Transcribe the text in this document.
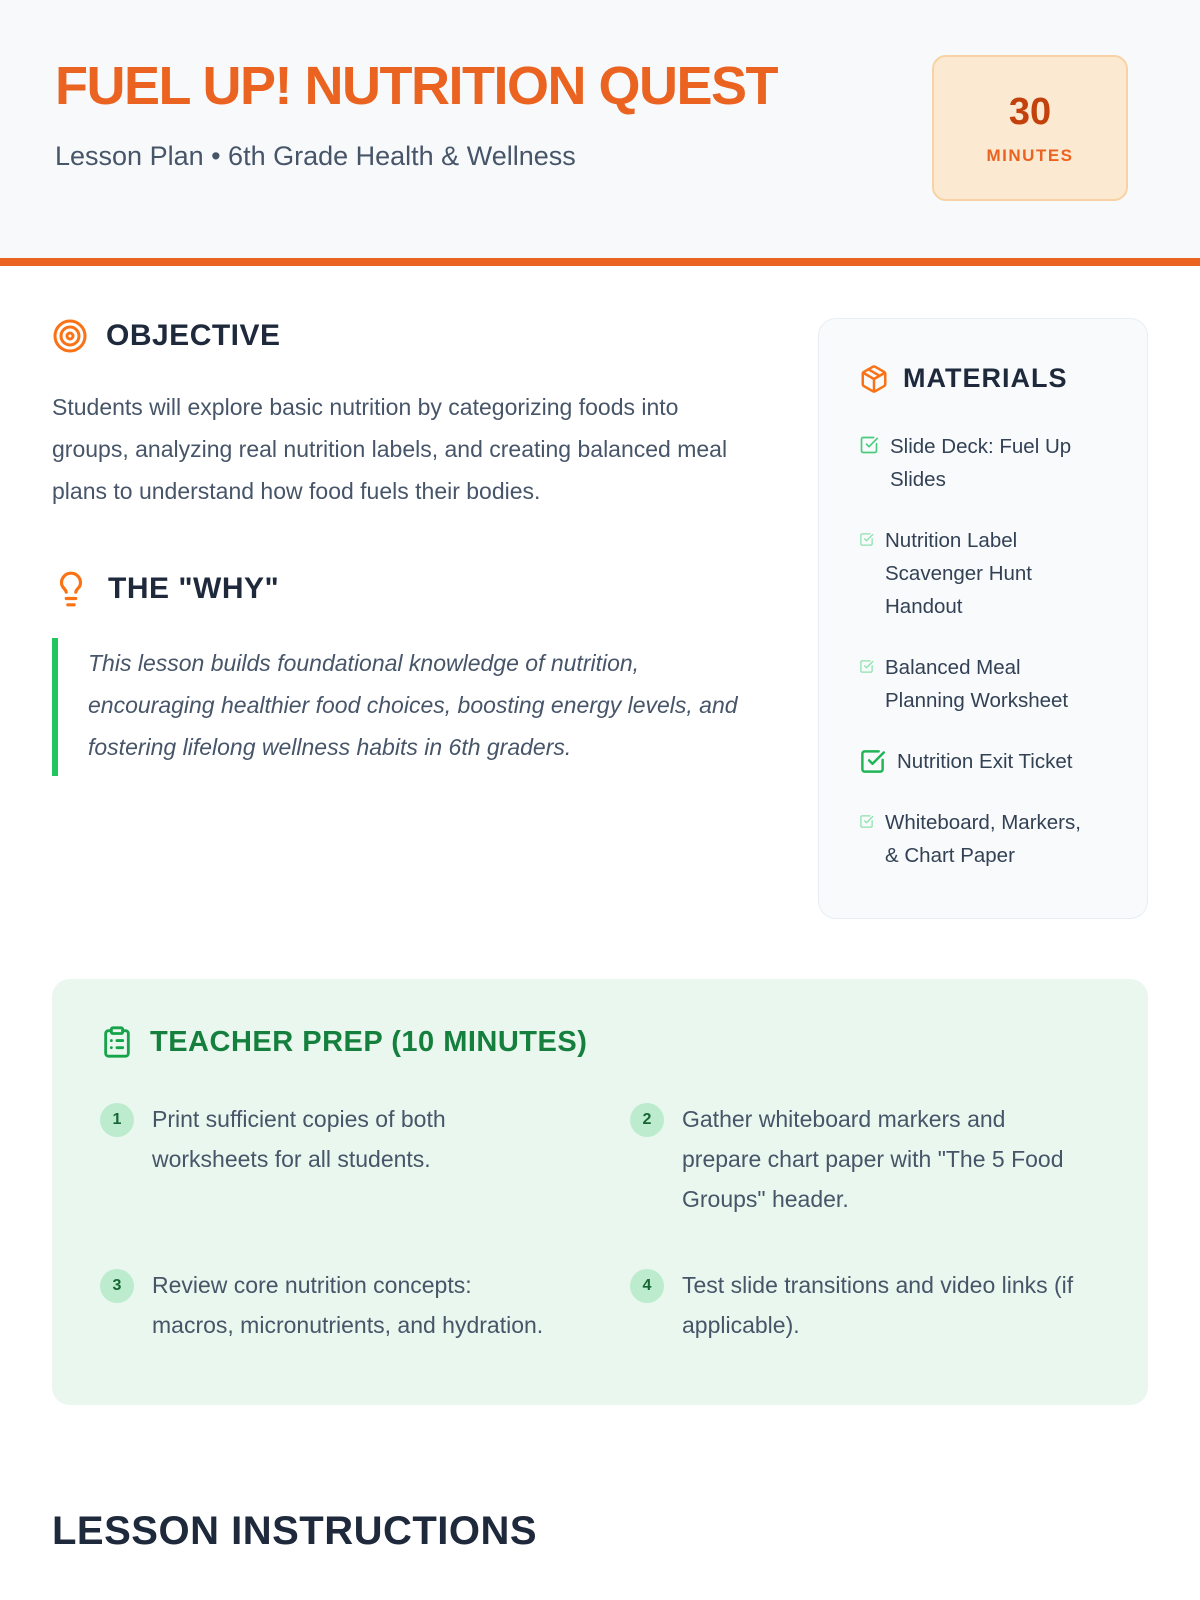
FUEL UP! NUTRITION QUEST

Lesson Plan • 6th Grade Health & Wellness

30
MINUTES
OBJECTIVE

Students will explore basic nutrition by categorizing foods into groups, analyzing real nutrition labels, and creating balanced meal plans to understand how food fuels their bodies.

THE "WHY"
This lesson builds foundational knowledge of nutrition, encouraging healthier food choices, boosting energy levels, and fostering lifelong wellness habits in 6th graders.
MATERIALS
Slide Deck: Fuel Up Slides
Nutrition Label Scavenger Hunt Handout
Balanced Meal Planning Worksheet
Nutrition Exit Ticket
Whiteboard, Markers, & Chart Paper
TEACHER PREP (10 MINUTES)
1	Print sufficient copies of both worksheets for all students.
2	Gather whiteboard markers and prepare chart paper with "The 5 Food Groups" header.
3	Review core nutrition concepts: macros, micronutrients, and hydration.
4	Test slide transitions and video links (if applicable).
LESSON INSTRUCTIONS
